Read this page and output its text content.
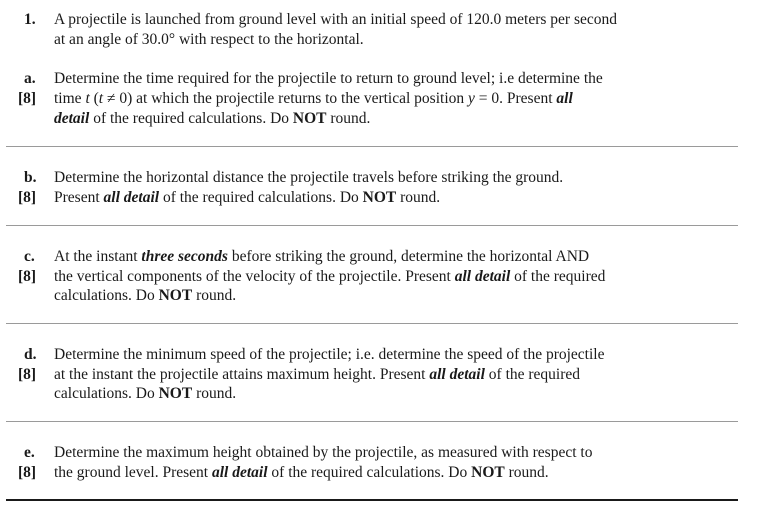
1. A projectile is launched from ground level with an initial speed of 120.0 meters per second
at an angle of 30.0° with respect to the horizontal.
a. Determine the time required for the projectile to return to ground level; i.e determine the
[8] time t (t ≠ 0) at which the projectile returns to the vertical position y = 0. Present all
detail of the required calculations. Do NOT round.
b. Determine the horizontal distance the projectile travels before striking the ground.
[8] Present all detail of the required calculations. Do NOT round.
c. At the instant three seconds before striking the ground, determine the horizontal AND
[8] the vertical components of the velocity of the projectile. Present all detail of the required
calculations. Do NOT round.
d. Determine the minimum speed of the projectile; i.e. determine the speed of the projectile
[8] at the instant the projectile attains maximum height. Present all detail of the required
calculations. Do NOT round.
e. Determine the maximum height obtained by the projectile, as measured with respect to
[8] the ground level. Present all detail of the required calculations. Do NOT round.
